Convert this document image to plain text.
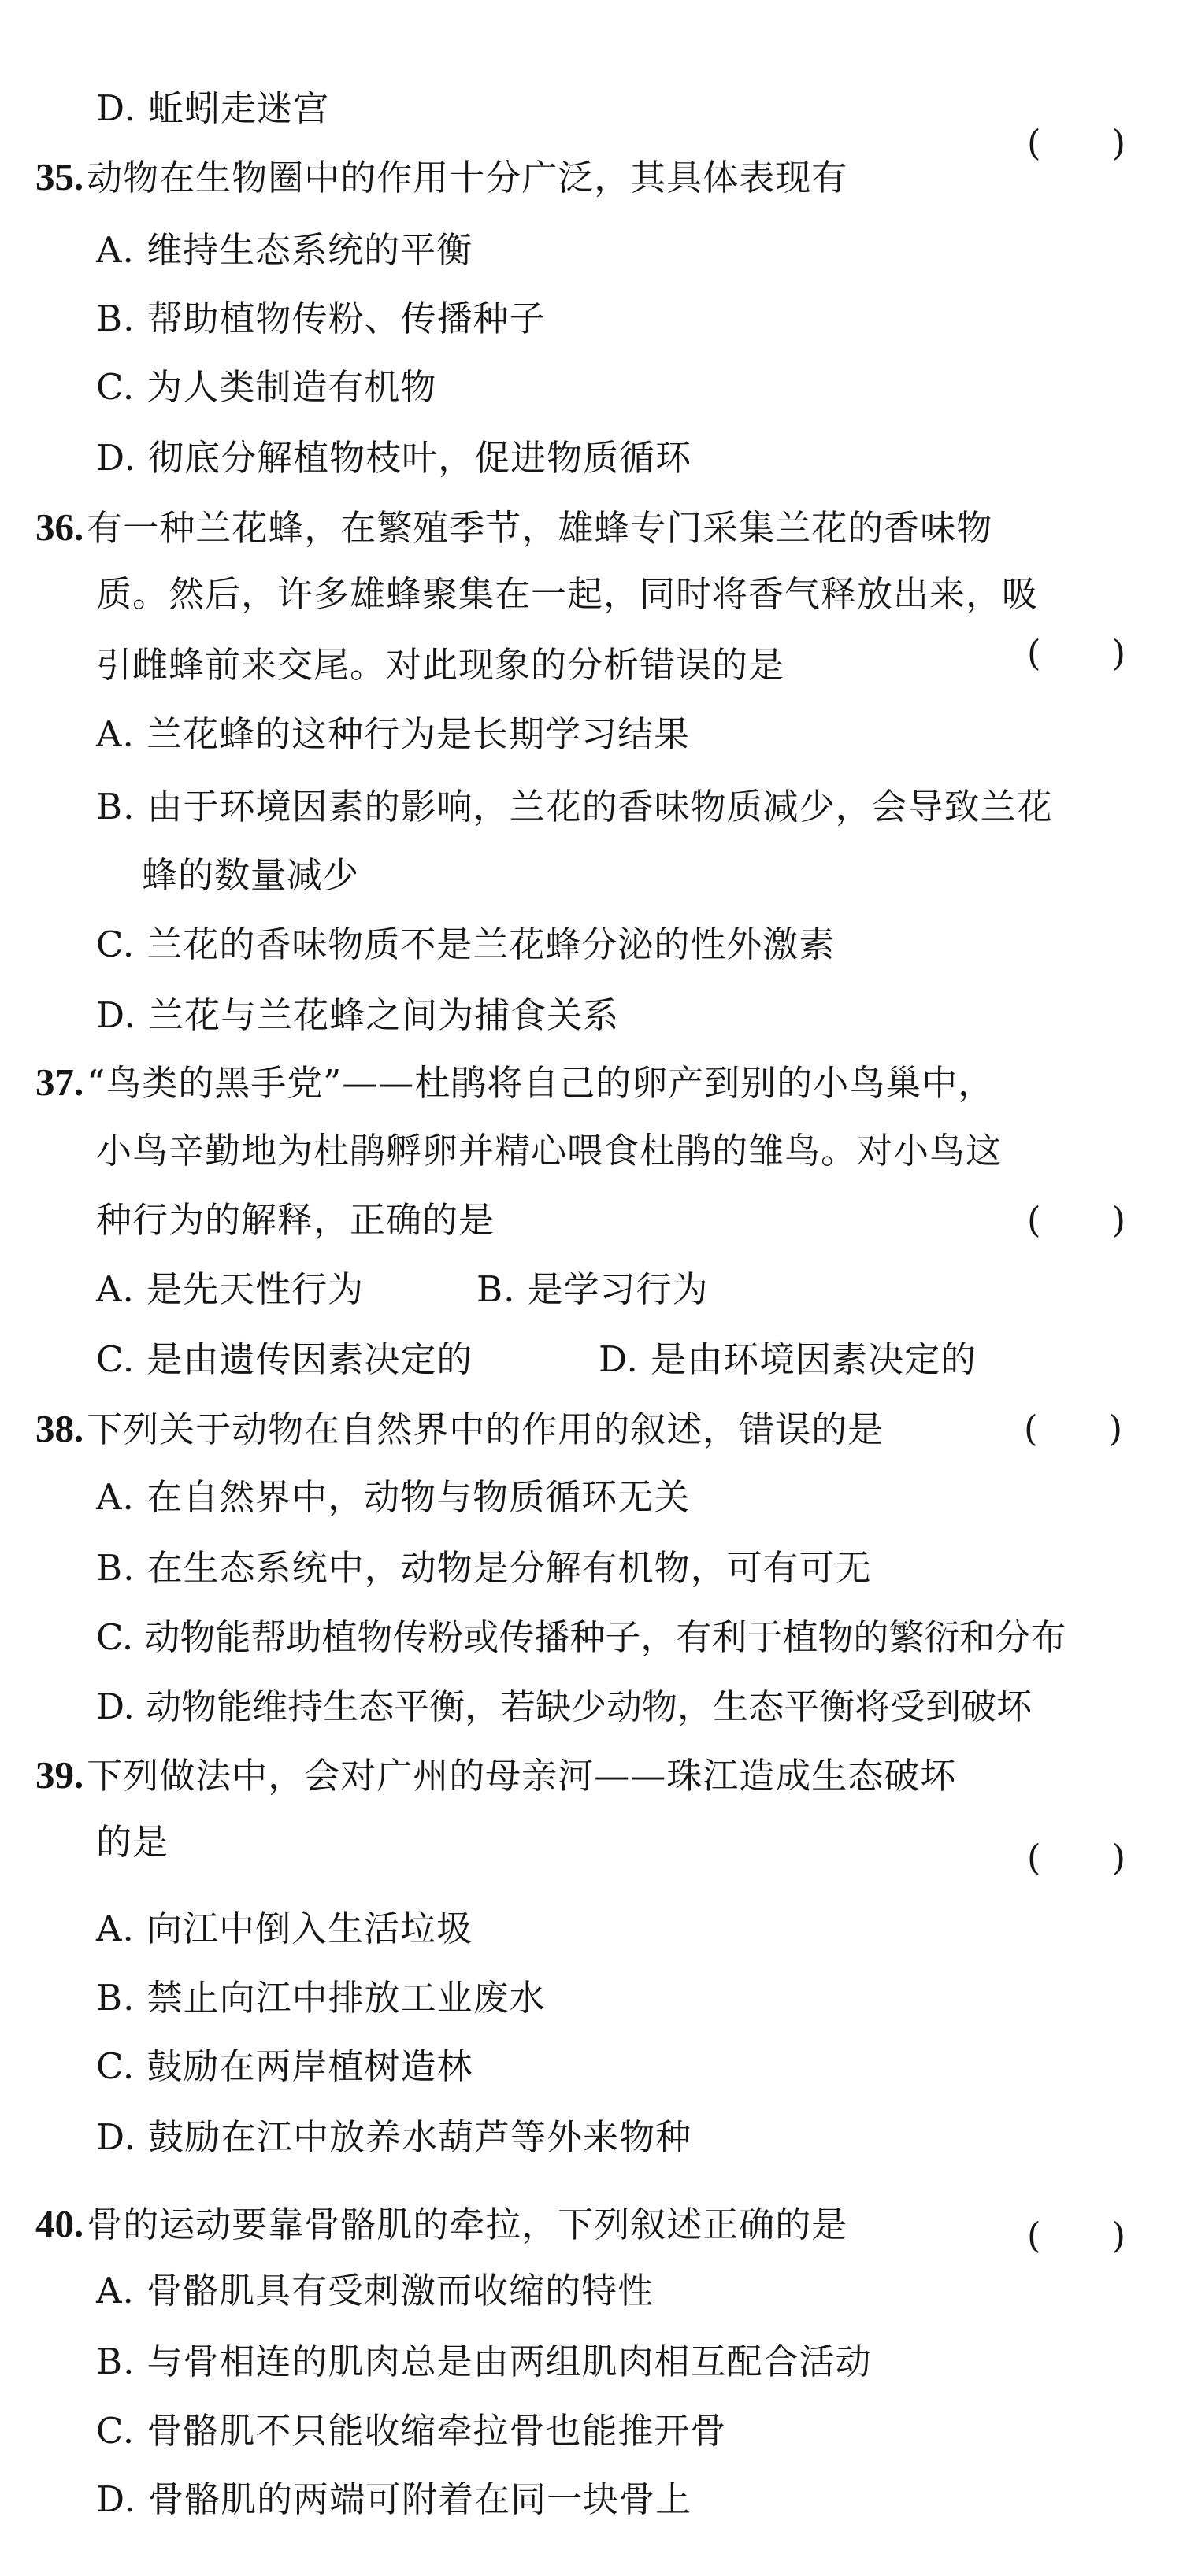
D. 蚯蚓走迷宫
35.动物在生物圈中的作用十分广泛，其具体表现有
(　　)
A. 维持生态系统的平衡
B. 帮助植物传粉、传播种子
C. 为人类制造有机物
D. 彻底分解植物枝叶，促进物质循环
36.有一种兰花蜂，在繁殖季节，雄蜂专门采集兰花的香味物
质。然后，许多雄蜂聚集在一起，同时将香气释放出来，吸
引雌蜂前来交尾。对此现象的分析错误的是	(　　)
A. 兰花蜂的这种行为是长期学习结果
B. 由于环境因素的影响，兰花的香味物质减少，会导致兰花
蜂的数量减少
C. 兰花的香味物质不是兰花蜂分泌的性外激素
D. 兰花与兰花蜂之间为捕食关系
37.“鸟类的黑手党”——杜鹃将自己的卵产到别的小鸟巢中，
小鸟辛勤地为杜鹃孵卵并精心喂食杜鹃的雏鸟。对小鸟这
种行为的解释，正确的是	(　　)
A. 是先天性行为	B. 是学习行为
C. 是由遗传因素决定的	D. 是由环境因素决定的
38.下列关于动物在自然界中的作用的叙述，错误的是	(　　)
A. 在自然界中，动物与物质循环无关
B. 在生态系统中，动物是分解有机物，可有可无
C. 动物能帮助植物传粉或传播种子，有利于植物的繁衍和分布
D. 动物能维持生态平衡，若缺少动物，生态平衡将受到破坏
39.下列做法中，会对广州的母亲河——珠江造成生态破坏
的是	(　　)
A. 向江中倒入生活垃圾
B. 禁止向江中排放工业废水
C. 鼓励在两岸植树造林
D. 鼓励在江中放养水葫芦等外来物种
40.骨的运动要靠骨骼肌的牵拉，下列叙述正确的是	(　　)
A. 骨骼肌具有受刺激而收缩的特性
B. 与骨相连的肌肉总是由两组肌肉相互配合活动
C. 骨骼肌不只能收缩牵拉骨也能推开骨
D. 骨骼肌的两端可附着在同一块骨上
